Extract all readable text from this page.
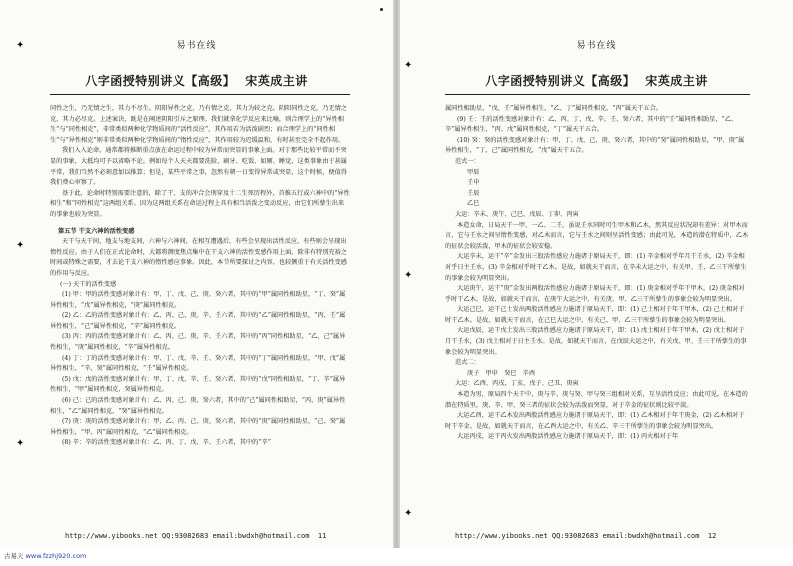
易书在线
八字函授特别讲义【高级】 宋英成主讲

同性之生，乃无情之生，其力不尽生。阴阳异性之克，乃有情之克，其力为较之克。阴阳同性之克，乃无情之克，其力必尽克。上述案诀，既是在阐述阴阳引斥之原理。我们就拿化学反应来比喻，则合理学上的“异性相生”与“同性相克”，非常类似两种化学物质间的“活性反应”，其作用若为活泼剧烈；而合理学上的“同性相生”与“异性相克”则非常类似两种化学物质间的“惰性反应”，其作用较为迟缓温和，有时甚至完全不起作用。

我们入入论命，通常都将推断重点放在命运过程中较为异常而突显的事象上面。对于那些比较平常而不突显的事象，大抵均可予以省略不论。例如每个人天天都要洗脸、刷牙、吃饭、如厕、睡觉，这类事象由于甚属平常，我们当然不必刻意加以推算；但是，某些平常之事，忽然有朝一日变得异常或突显，这个时候，便值得我们费心审察了。

基于此，论命时特别需要注意的，除了干、支的冲合会刑穿及十二生死历程外，首推五行或六神中的“异性相生”和“同性相克”这两组关系。因为这两组关系在命运过程上具有相当活泼之变动反应，由它们所孳生出来的事象也较为突显。

第五节 干支六神的活性变感

天干与天干间，地支与地支间，六神与六神间，在相互遭遇后，有些会呈现出活性反应，有些则会呈现出惰性反应。由于人们在正式论命时，大都将测度焦点集中在干支六神的活性变感作用上面，除非有特别充裕之时间或特殊之需要，才去论干支六神的惰性感应事象。因此，本节所要探讨之内容，也较侧重于有关活性变感的作用与反应。

(一) 天干的活性变感

(1) 甲：甲的活性变感对象计有：甲、丁、戊、己、庚、癸六者，其中的“甲”属同性相助星，“丁、癸”属异性相生，“戊”属异性相克，“庚”属同性相克。

(2) 乙：乙的活性变感对象计有：乙、丙、己、庚、辛、壬六者，其中的“乙”属同性相助星，“丙、壬”属异性相生，“己”属异性相克，“辛”属同性相克。

(3) 丙：丙的活性变感对象计有：乙、丙、己、庚、辛、壬六者，其中的“丙”同性相助星，“乙、己”属异性相生，“庚”属同性相克，“辛”属异性相克。

(4) 丁：丁的活性变感对象计有：甲、丁、戊、辛、壬、癸六者，其中的“丁”属同性相助星，“甲、戊”属异性相生，“辛、癸”属同性相克，“壬”属异性相克。

(5) 戊：戊的活性变感对象计有：甲、丁、戊、辛、壬、癸六者，其中的“戊”同性相助星，“丁、辛”属异性相生，“甲”属同性相克，癸属异性相克。

(6) 己：己的活性变感对象计有：乙、丙、己、庚、癸六者，其中的“己”属同性相助星，“丙、庚”属异性相生，“乙”属同性相克，“癸”属异性相克。

(7) 庚：庚的活性变感对象计有：甲、乙、丙、己、庚、癸六者，其中的“庚”属同性相助星，“己、癸”属异性相生，“甲、丙”属同性相克，“乙”属同性相克。

(8) 辛：辛的活性变感对象计有：乙、丙、丁、戊、辛、壬六者，其中的“辛”

http://www.yibooks.net QQ:93082683 email:bwdxh@hotmail.com 11
✦
✦
✦
易书在线
八字函授特别讲义【高级】 宋英成主讲

属同性相助星，“戊、壬”属异性相生，“乙、丁”属同性相克，“丙”属天干五合。

(9) 壬：壬的活性变感对象计有：乙、丙、丁、戊、辛、壬、癸六者，其中的“壬”属同性相助星，“乙、辛”属异性相生，“丙、戊”属同性相克，“丁”属天干五合。

(10) 癸：癸的活性变感对象计有：甲、丁、戊、己、庚、癸六者，其中的“癸”属同性相助星，“甲、庚”属异性相生，“丁、己”属同性相克，“戊”属天干五合。

范式一：

甲辰

壬申

壬辰

乙巳

大运：辛未、庚午、己巳、戊辰、丁卯、丙寅

本造女命，日局天干一甲、一乙、二壬，虽说壬水同时可生甲木和乙木，然其反应状况却有差异：对甲木而言，它与壬水之间呈惰性变感，对乙木而言，它与壬水之间则呈活性变感；由此可见，本造的潜在特质中，乙木的征状会较活泼，甲木的征状会较安稳。

大运辛未，运干“辛”金发出三股活性感应力施诸于原局天干，即：(1) 辛金相对乎年月干壬水，(2) 辛金相对乎日主壬水，(3) 辛金相对乎时干乙木。是故，如就天干而言，在辛未大运之中，有关甲、壬、乙三干所孳生的事象会较为明显突出。

大运庚午，运干“庚”金发出两股活性感应力施诸于原局天干，即：(1) 庚金相对乎年干甲木，(2) 庚金相对乎时干乙木。是故，如就天干而言，在庚午大运之中，有关庚、甲、乙三干所孳生的事象会较为明显突出。

大运己巳，运干己土发出两股活性感应力施诸于原局天干，即：(1) 己土相对于年干甲木，(2) 己土相对于时干乙木。是故，如就天干而言，在己巳大运之中，有关己、甲、乙三干所孳生的事象会较为明显突出。

大运戊辰，运干戊土发出三股活性感应力施诸于原局天干，即：(1) 戊土相对于年干甲木，(2) 戊土相对于月干壬水，(3) 戊土相对于日主壬水。是故，如就天干而言，在戊辰大运之中，有关戊、甲、壬三干所孳生的事象会较为明显突出。

范式二：

庚子　甲申　癸巳　辛酉

大运：乙酉、丙戌、丁亥、戊子、己丑、庚寅

本造为男，原局四个天干中，庚与辛、庚与癸、甲与癸三组相对关系，互呈活性反应；由此可见，在本造的潜在特质里，庚、辛、甲、癸三者的征状会较为活泼而突显，对于辛金的征状则比较平淡。

大运乙酉，运干乙木发出两股活性感应力施诸于原局天干，即：(1) 乙木相对于年干庚金，(2) 乙木相对于时干辛金。是故，如就天干而言，在乙酉大运之中，有关乙、辛三干所孳生的事象会较为明显突出。

大运丙戌，运干丙火发出两股活性感应力施诸于原局天干，即：(1) 丙火相对于年

http://www.yibooks.net QQ:93082683 email:bwdxh@hotmail.com 12
✦
✦
✦
古易天 www.fzzhj920.com
